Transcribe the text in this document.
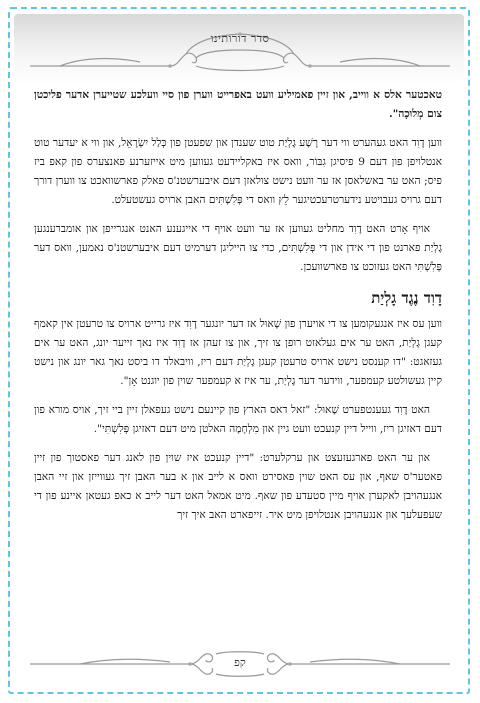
סדר דורותינו

טאכטער אלס א ווייב, און זיין פאמיליע וועט באפרייט ווערן פון סיי וועלכע שטייערן אדער פליכטן צום מְלוּכָה".

ווען דָוִד האט געהערט ווי דער רָשָׁע גָלְיַת טוט שענדן און שפעטן פון כְּלַל יִשְׂרָאֵל, און ווי א יעדער טוט אנטלויפן פון דעם 9 פיסיגן גִבּוֹר, וואס איז באקליידעט געווען מיט אייזערנע פאנצערס פון קאפ ביז פיס; האט ער באשלאסן אז ער וועט נישט צולאזן דעם איבערשטנ'ס פאלק פארשוואכט צו ווערן דורך דעם גרויס געבויטע נידערטרעכטיגער לֵץ וואס די פְּלִשְׁתִּים האבן ארויס געשטעלט.

אויף אָרט האט דָוִד מחליט געווען אז ער וועט אויף די אייגענע האנט אנגרייפן און אומברענגען גָלְיַת פארנט פון די אידן און די פְּלִשְׁתִּים, כדי צו הייליגן דערמיט דעם איבערשטנ'ס נאמען, וואס דער פְּלִשְׁתִּי האט געזוכט צו פארשוועכן.

דָוִד נֶגֶד גָלְיַת

ווען עס איז אנגעקומען צו די אויערן פון שָׁאוּל אז דער יונגער דָוִד איז גרייט ארויס צו טרעטן אין קאמף קעגן גָלְיַת, האט ער אים געלאזט רופן צו זיך, און צו זעהן אז דָוִד איז נאך זייער יונג, האט ער אים געזאגט: "דו קענסט נישט ארויס טרעטן קעגן גָלְיַת דעם ריז, וויבאלד דו ביסט נאך גאר יונג און נישט קיין געשולטע קעמפער, ווידער דער גָלְיַת, ער איז א קעמפער שוין פון יוגנט אָן".

האט דָוִד געענטפערט שָׁאוּל: "זאל דאס הארץ פון קיינעם נישט געפאלן זיין ביי זיך, אויס מורא פון דעם דאזיגן ריז, ווייל דיין קנעכט וועט גיין און מִלְחָמָה האלטן מיט דעם דאזיגן פְּלִשְׁתִּי".

און ער האט פארגעזעצט און ערקלערט: "דיין קנעכט איז שוין פון לאנג דער פאסטוך פון זיין פאטער'ס שאף, און עס האט שוין פאסירט וואס א לייב און א בער האבן זיך געווייזן און זיי האבן אנגעהויבן לאקערן אויף מיין סטעדע פון שאף. מיט אמאל האט דער לייב א כאפ געטאן איינע פון די שעפעלעך און אנגעהויבן אנטלויפן מיט איר. זייפארט האב איך זיך

קפ
